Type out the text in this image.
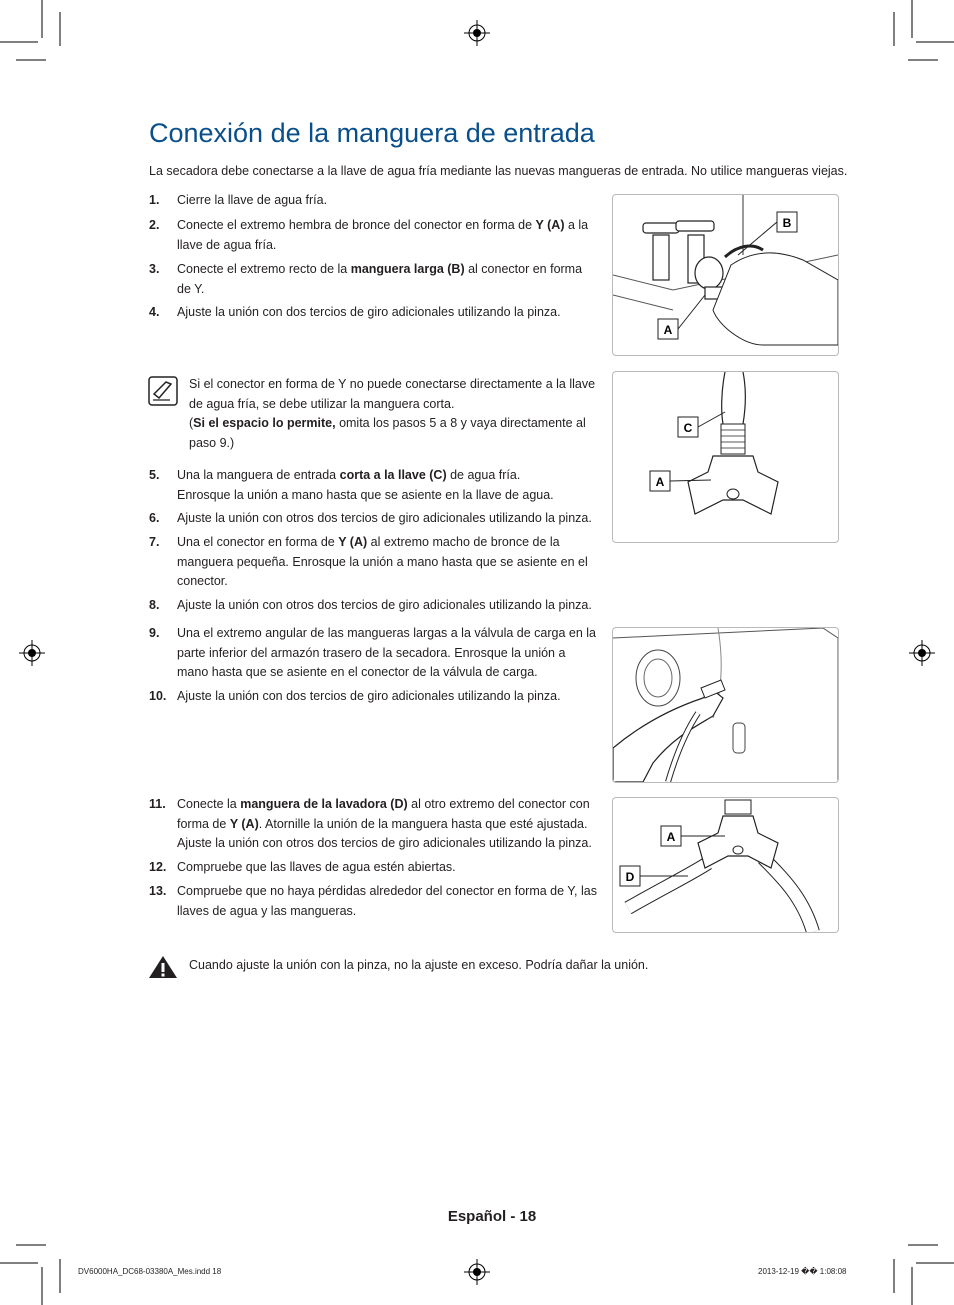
Conexión de la manguera de entrada
La secadora debe conectarse a la llave de agua fría mediante las nuevas mangueras de entrada. No utilice mangueras viejas.
1. Cierre la llave de agua fría.
2. Conecte el extremo hembra de bronce del conector en forma de Y (A) a la llave de agua fría.
3. Conecte el extremo recto de la manguera larga (B) al conector en forma de Y.
4. Ajuste la unión con dos tercios de giro adicionales utilizando la pinza.
B
A

Si el conector en forma de Y no puede conectarse directamente a la llave de agua fría, se debe utilizar la manguera corta.

(Si el espacio lo permite, omita los pasos 5 a 8 y vaya directamente al paso 9.)

C
A
5. Una la manguera de entrada corta a la llave (C) de agua fría.
Enrosque la unión a mano hasta que se asiente en la llave de agua.
6. Ajuste la unión con otros dos tercios de giro adicionales utilizando la pinza.
7. Una el conector en forma de Y (A) al extremo macho de bronce de la manguera pequeña. Enrosque la unión a mano hasta que se asiente en el conector.
8. Ajuste la unión con otros dos tercios de giro adicionales utilizando la pinza.
9. Una el extremo angular de las mangueras largas a la válvula de carga en la parte inferior del armazón trasero de la secadora. Enrosque la unión a mano hasta que se asiente en el conector de la válvula de carga.
10. Ajuste la unión con dos tercios de giro adicionales utilizando la pinza.
11. Conecte la manguera de la lavadora (D) al otro extremo del conector con forma de Y (A). Atornille la unión de la manguera hasta que esté ajustada. Ajuste la unión con otros dos tercios de giro adicionales utilizando la pinza.
12. Compruebe que las llaves de agua estén abiertas.
13. Compruebe que no haya pérdidas alrededor del conector en forma de Y, las llaves de agua y las mangueras.
A
D
Cuando ajuste la unión con la pinza, no la ajuste en exceso. Podría dañar la unión.
Español - 18
DV6000HA_DC68-03380A_Mes.indd 18	2013-12-19 �� 1:08:08
